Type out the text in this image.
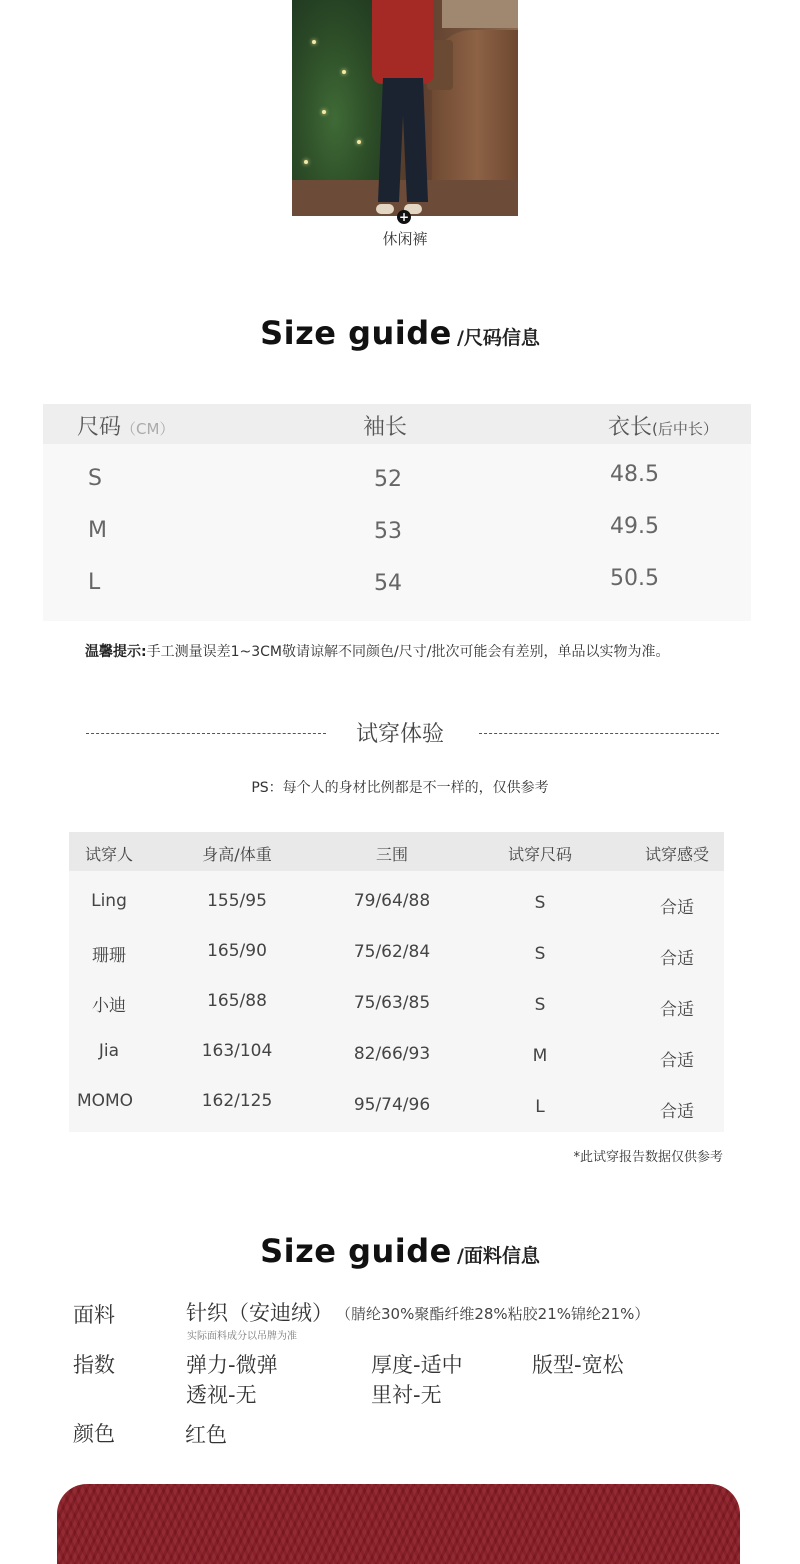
+
休闲裤
Size guide /尺码信息
尺码（CM）	袖长	衣长(后中长）
S	52	48.5
M	53	49.5
L	54	50.5
温馨提示:手工测量误差1~3CM敬请谅解不同颜色/尺寸/批次可能会有差别，单品以实物为准。
试穿体验
PS：每个人的身材比例都是不一样的，仅供参考
试穿人	身高/体重	三围	试穿尺码	试穿感受
Ling	155/95	79/64/88	S	合适
珊珊	165/90	75/62/84	S	合适
小迪	165/88	75/63/85	S	合适
Jia	163/104	82/66/93	M	合适
MOMO	162/125	95/74/96	L	合适
*此试穿报告数据仅供参考
Size guide /面料信息
面料	针织（安迪绒） （腈纶30%聚酯纤维28%粘胶21%锦纶21%）
实际面料成分以吊牌为准
指数	弹力-微弹	厚度-适中	版型-宽松
透视-无	里衬-无
颜色	红色
